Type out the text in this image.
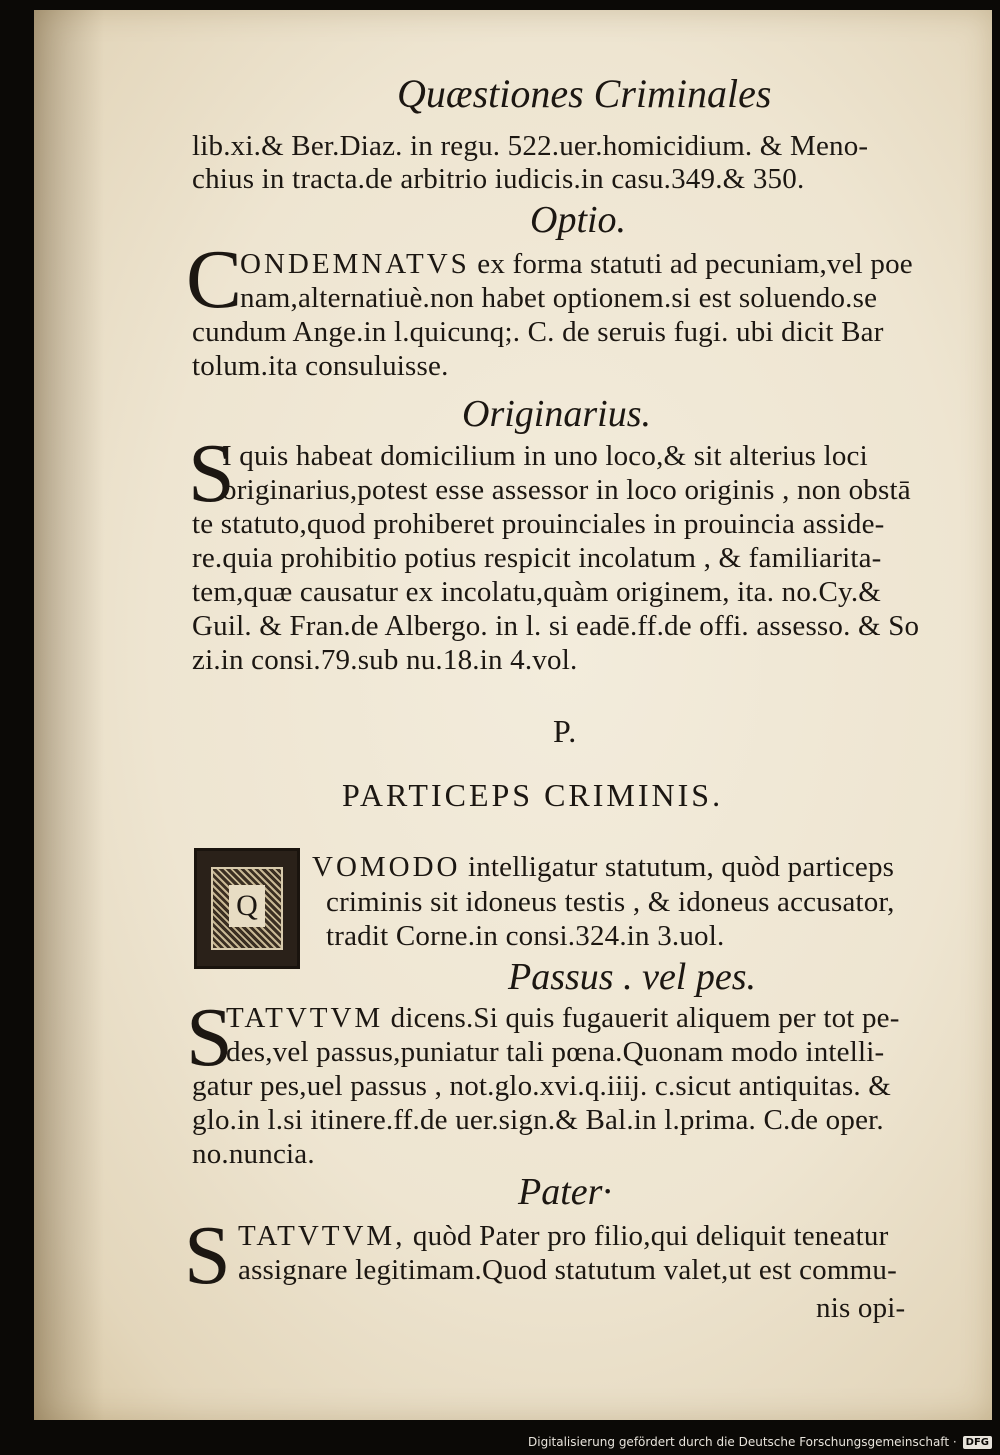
Quæstiones Criminales
lib.xi.& Ber.Diaz. in regu. 522.uer.homicidium. & Meno-
chius in tracta.de arbitrio iudicis.in casu.349.& 350.
Optio.
C
ONDEMNATVS ex forma statuti ad pecuniam,vel poe
nam,alternatiuè.non habet optionem.si est soluendo.se
cundum Ange.in l.quicunq;. C. de seruis fugi. ubi dicit Bar
tolum.ita consuluisse.
Originarius.
S
I quis habeat domicilium in uno loco,& sit alterius loci
originarius,potest esse assessor in loco originis , non obstā
te statuto,quod prohiberet prouinciales in prouincia asside-
re.quia prohibitio potius respicit incolatum , & familiarita-
tem,quæ causatur ex incolatu,quàm originem, ita. no.Cy.&
Guil. & Fran.de Albergo. in l. si eadē.ff.de offi. assesso. & So
zi.in consi.79.sub nu.18.in 4.vol.
P.
PARTICEPS CRIMINIS.
Q
VOMODO intelligatur statutum, quòd particeps
criminis sit idoneus testis , & idoneus accusator,
tradit Corne.in consi.324.in 3.uol.
Passus . vel pes.
S
TATVTVM dicens.Si quis fugauerit aliquem per tot pe-
des,vel passus,puniatur tali pœna.Quonam modo intelli-
gatur pes,uel passus , not.glo.xvi.q.iiij. c.sicut antiquitas. &
glo.in l.si itinere.ff.de uer.sign.& Bal.in l.prima. C.de oper.
no.nuncia.
Pater·
S TATVTVM, quòd Pater pro filio,qui deliquit teneatur
assignare legitimam.Quod statutum valet,ut est commu-
nis opi-
Digitalisierung gefördert durch die Deutsche Forschungsgemeinschaft · DFG
